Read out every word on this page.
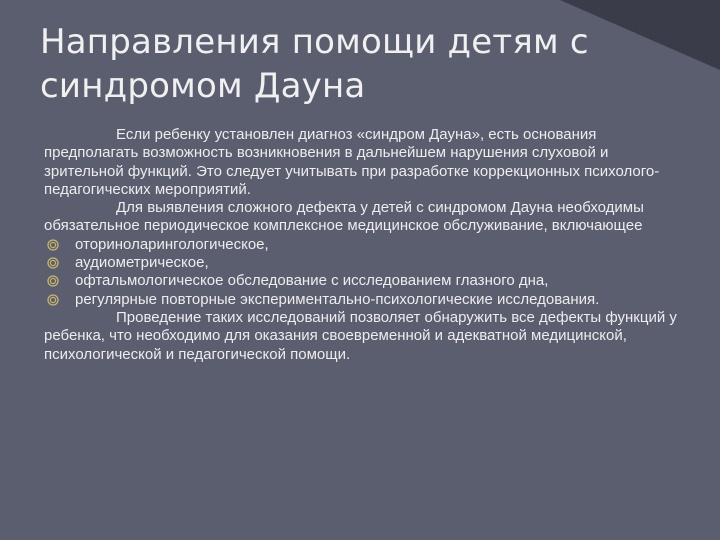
Направления помощи детям с
синдромом Дауна

Если ребенку установлен диагноз «синдром Дауна», есть основания предполагать возможность возникновения в дальнейшем нарушения слуховой и зрительной функций. Это следует учитывать при разработке коррекционных психолого-педагогических мероприятий.

Для выявления сложного дефекта у детей с синдромом Дауна необходимы обязательное периодическое комплексное медицинское обслуживание, включающее

оториноларингологическое,
аудиометрическое,
офтальмологическое обследование с исследованием глазного дна,
регулярные повторные экспериментально-психологические исследования.

Проведение таких исследований позволяет обнаружить все дефекты функций у ребенка, что необходимо для оказания своевременной и адекватной медицинской, психологической и педагогической помощи.
